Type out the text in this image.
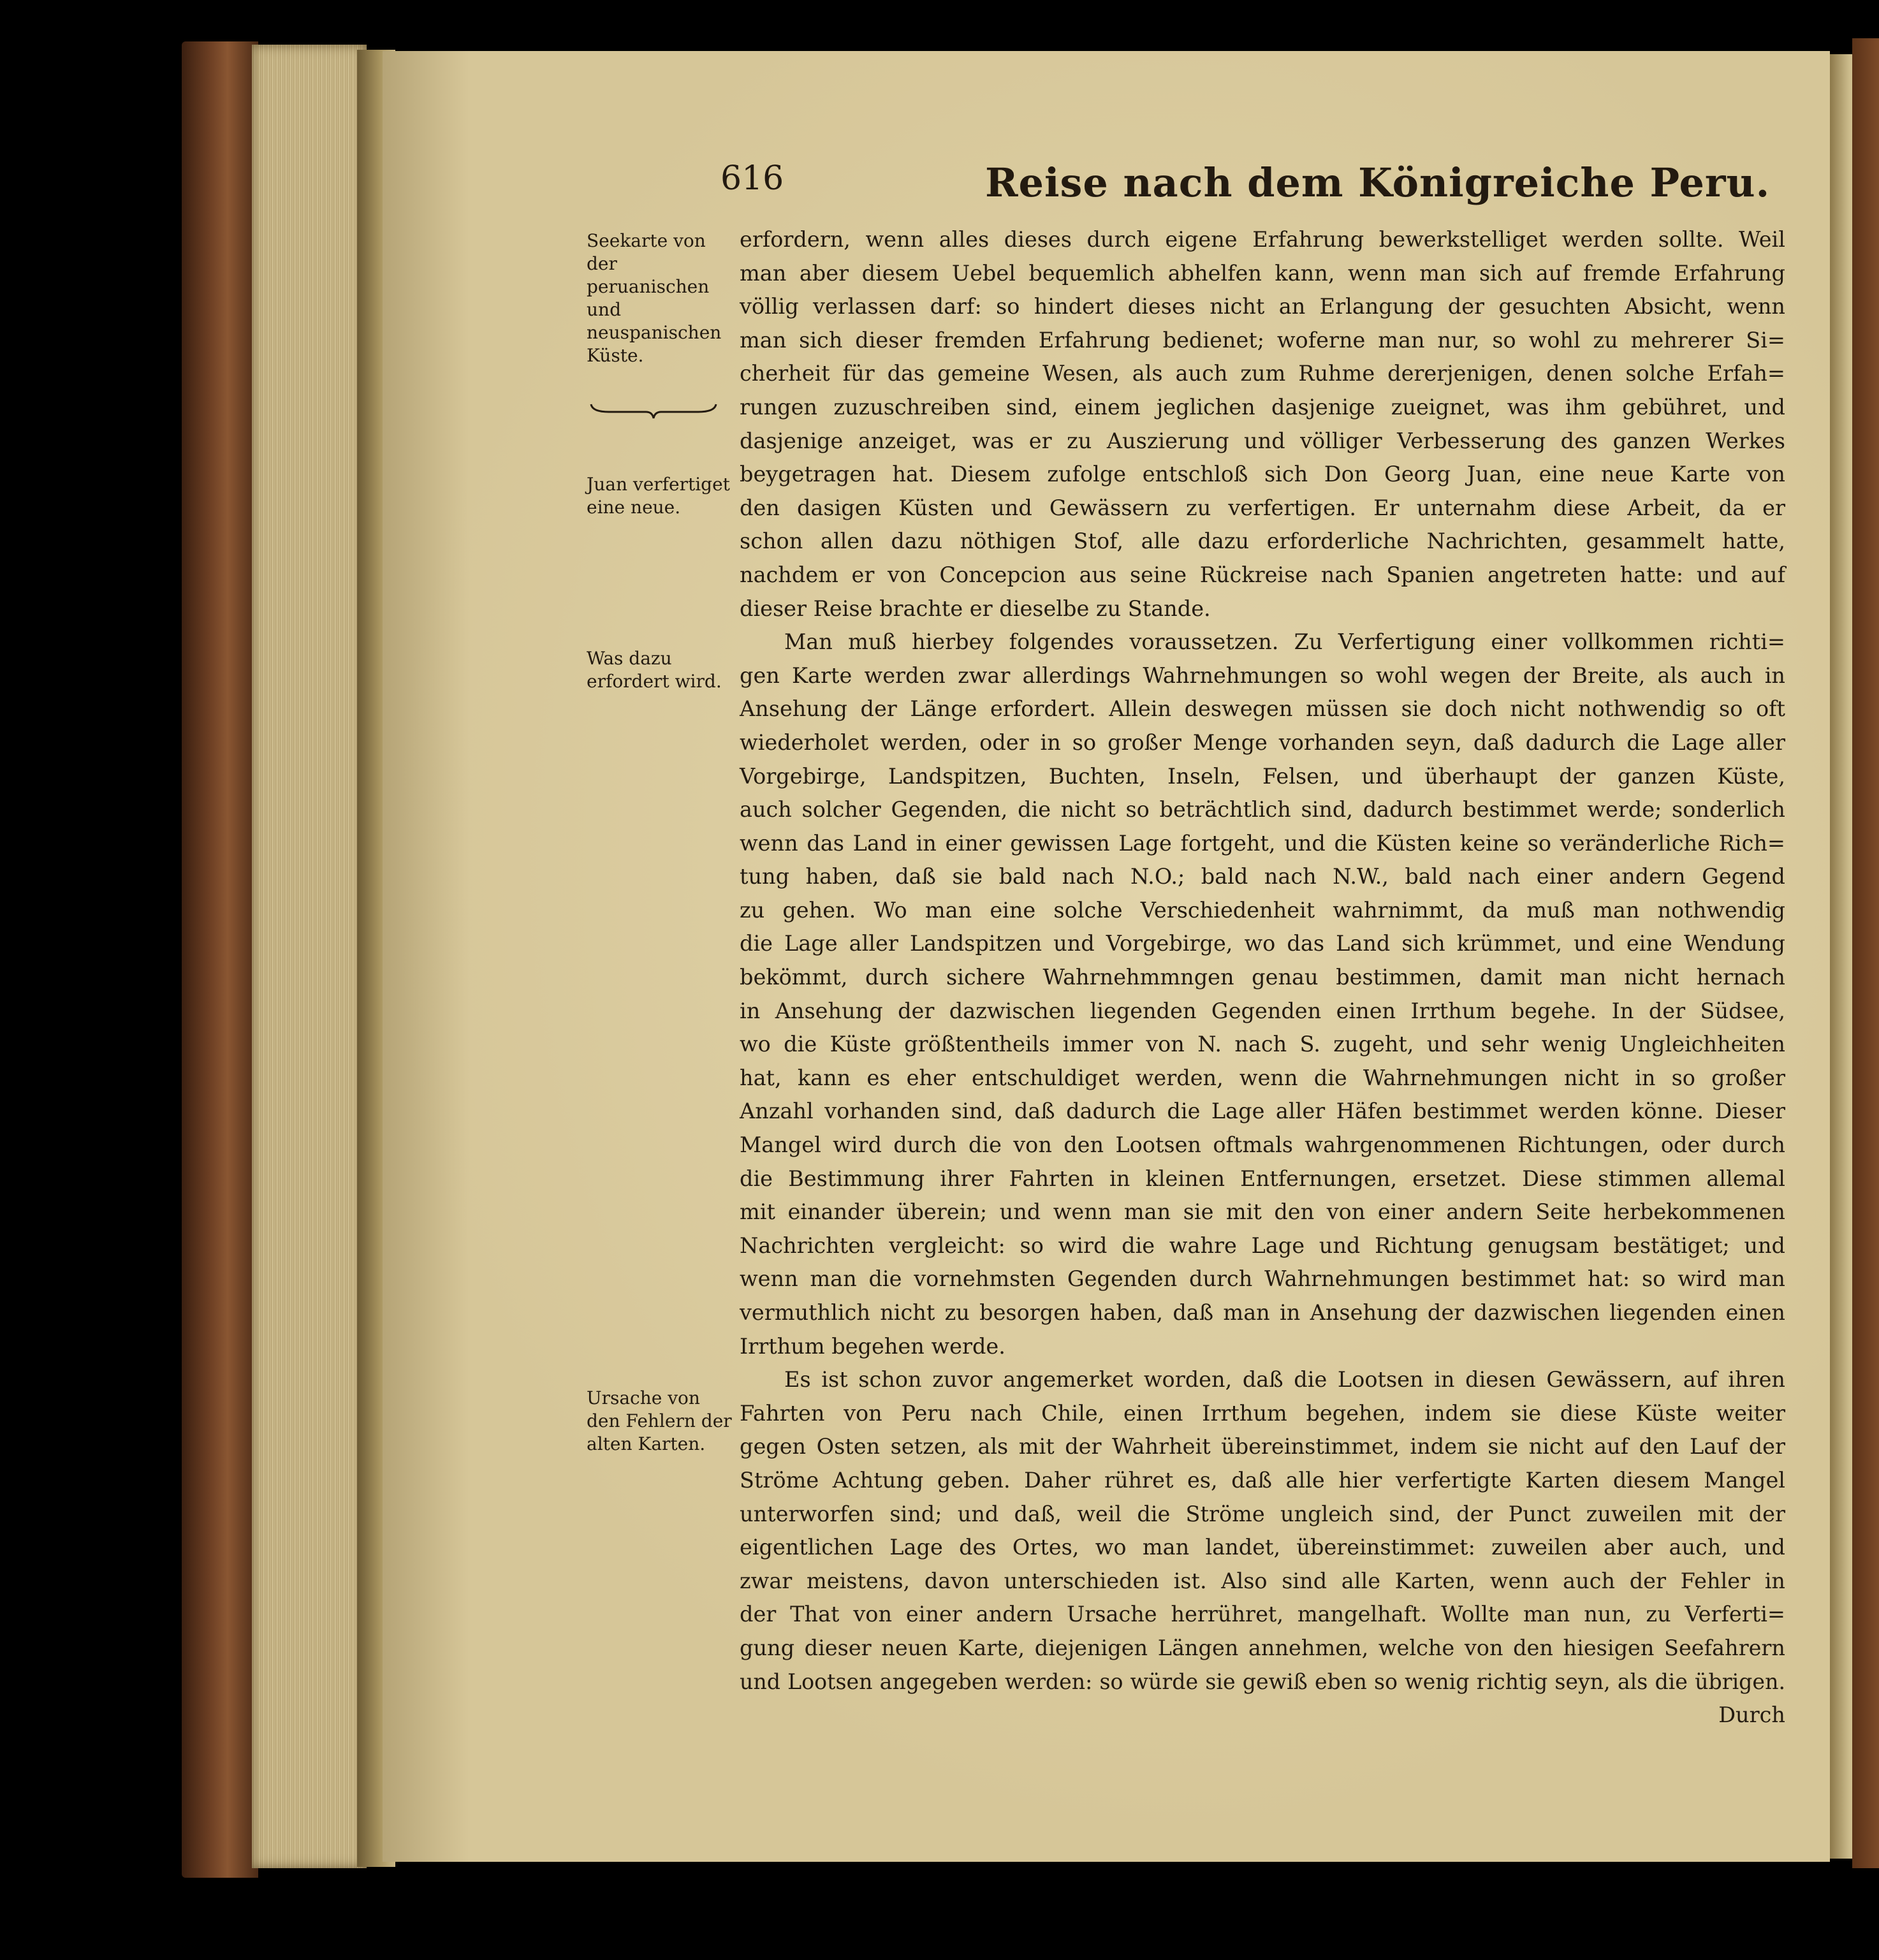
616	Reise nach dem Königreiche Peru.
Seekarte von der peruanischen und neuspanischen Küste.
Juan verfertiget eine neue.
Was dazu erfordert wird.
Ursache von den Fehlern der alten Karten.
erfordern, wenn alles dieses durch eigene Erfahrung bewerkstelliget werden sollte. Weil
man aber diesem Uebel bequemlich abhelfen kann, wenn man sich auf fremde Erfahrung
völlig verlassen darf: so hindert dieses nicht an Erlangung der gesuchten Absicht, wenn
man sich dieser fremden Erfahrung bedienet; woferne man nur, so wohl zu mehrerer Si=
cherheit für das gemeine Wesen, als auch zum Ruhme dererjenigen, denen solche Erfah=
rungen zuzuschreiben sind, einem jeglichen dasjenige zueignet, was ihm gebühret, und
dasjenige anzeiget, was er zu Auszierung und völliger Verbesserung des ganzen Werkes
beygetragen hat. Diesem zufolge entschloß sich Don Georg Juan, eine neue Karte von
den dasigen Küsten und Gewässern zu verfertigen. Er unternahm diese Arbeit, da er
schon allen dazu nöthigen Stof, alle dazu erforderliche Nachrichten, gesammelt hatte,
nachdem er von Concepcion aus seine Rückreise nach Spanien angetreten hatte: und auf
dieser Reise brachte er dieselbe zu Stande.
Man muß hierbey folgendes voraussetzen. Zu Verfertigung einer vollkommen richti=
gen Karte werden zwar allerdings Wahrnehmungen so wohl wegen der Breite, als auch in
Ansehung der Länge erfordert. Allein deswegen müssen sie doch nicht nothwendig so oft
wiederholet werden, oder in so großer Menge vorhanden seyn, daß dadurch die Lage aller
Vorgebirge, Landspitzen, Buchten, Inseln, Felsen, und überhaupt der ganzen Küste,
auch solcher Gegenden, die nicht so beträchtlich sind, dadurch bestimmet werde; sonderlich
wenn das Land in einer gewissen Lage fortgeht, und die Küsten keine so veränderliche Rich=
tung haben, daß sie bald nach N.O.; bald nach N.W., bald nach einer andern Gegend
zu gehen. Wo man eine solche Verschiedenheit wahrnimmt, da muß man nothwendig
die Lage aller Landspitzen und Vorgebirge, wo das Land sich krümmet, und eine Wendung
bekömmt, durch sichere Wahrnehmmngen genau bestimmen, damit man nicht hernach
in Ansehung der dazwischen liegenden Gegenden einen Irrthum begehe. In der Südsee,
wo die Küste größtentheils immer von N. nach S. zugeht, und sehr wenig Ungleichheiten
hat, kann es eher entschuldiget werden, wenn die Wahrnehmungen nicht in so großer
Anzahl vorhanden sind, daß dadurch die Lage aller Häfen bestimmet werden könne. Dieser
Mangel wird durch die von den Lootsen oftmals wahrgenommenen Richtungen, oder durch
die Bestimmung ihrer Fahrten in kleinen Entfernungen, ersetzet. Diese stimmen allemal
mit einander überein; und wenn man sie mit den von einer andern Seite herbekommenen
Nachrichten vergleicht: so wird die wahre Lage und Richtung genugsam bestätiget; und
wenn man die vornehmsten Gegenden durch Wahrnehmungen bestimmet hat: so wird man
vermuthlich nicht zu besorgen haben, daß man in Ansehung der dazwischen liegenden einen
Irrthum begehen werde.
Es ist schon zuvor angemerket worden, daß die Lootsen in diesen Gewässern, auf ihren
Fahrten von Peru nach Chile, einen Irrthum begehen, indem sie diese Küste weiter
gegen Osten setzen, als mit der Wahrheit übereinstimmet, indem sie nicht auf den Lauf der
Ströme Achtung geben. Daher rühret es, daß alle hier verfertigte Karten diesem Mangel
unterworfen sind; und daß, weil die Ströme ungleich sind, der Punct zuweilen mit der
eigentlichen Lage des Ortes, wo man landet, übereinstimmet: zuweilen aber auch, und
zwar meistens, davon unterschieden ist. Also sind alle Karten, wenn auch der Fehler in
der That von einer andern Ursache herrühret, mangelhaft. Wollte man nun, zu Verferti=
gung dieser neuen Karte, diejenigen Längen annehmen, welche von den hiesigen Seefahrern
und Lootsen angegeben werden: so würde sie gewiß eben so wenig richtig seyn, als die übrigen.
Durch
